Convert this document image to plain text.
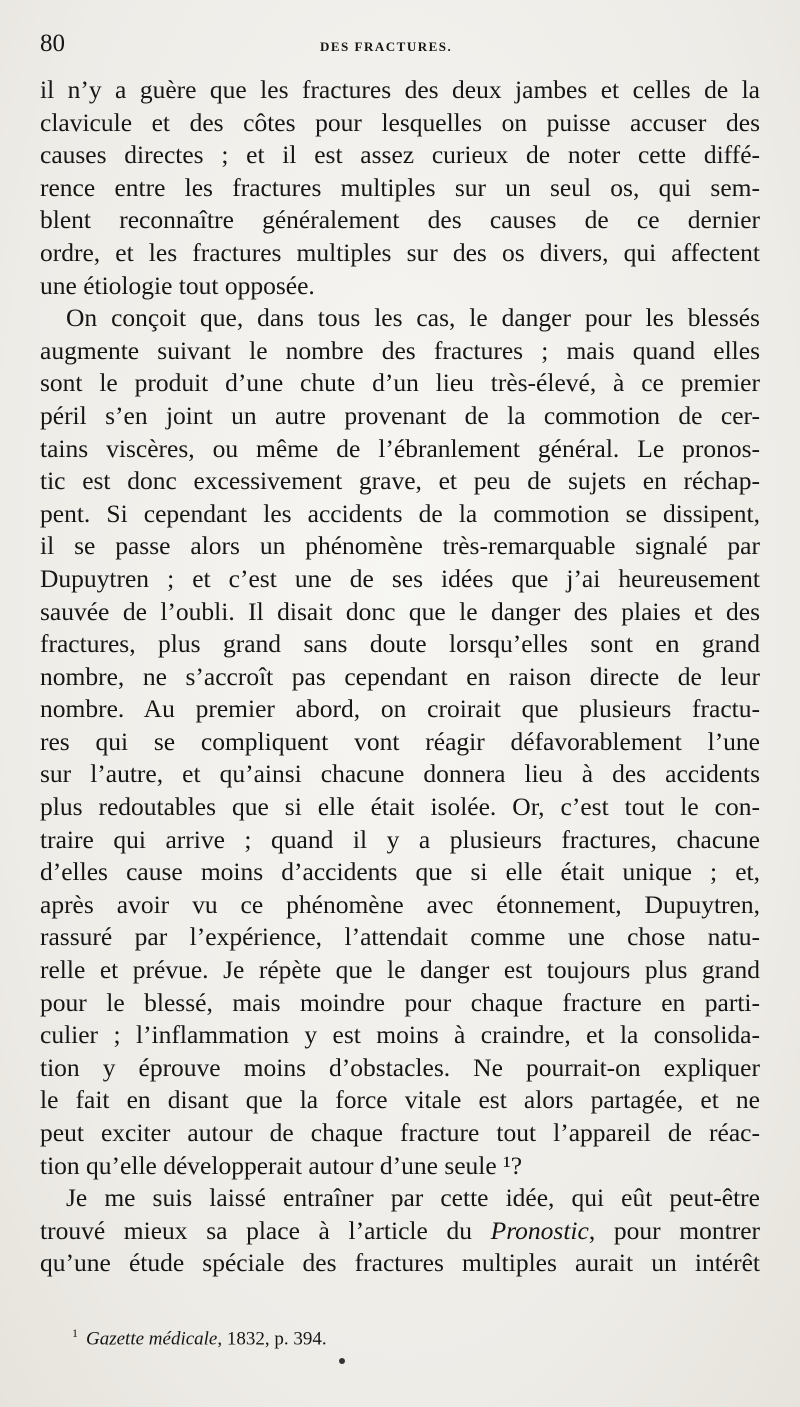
80	DES FRACTURES.
il n’y a guère que les fractures des deux jambes et celles de la
clavicule et des côtes pour lesquelles on puisse accuser des
causes directes ; et il est assez curieux de noter cette diffé-
rence entre les fractures multiples sur un seul os, qui sem-
blent reconnaître généralement des causes de ce dernier
ordre, et les fractures multiples sur des os divers, qui affectent
une étiologie tout opposée.
On conçoit que, dans tous les cas, le danger pour les blessés
augmente suivant le nombre des fractures ; mais quand elles
sont le produit d’une chute d’un lieu très-élevé, à ce premier
péril s’en joint un autre provenant de la commotion de cer-
tains viscères, ou même de l’ébranlement général. Le pronos-
tic est donc excessivement grave, et peu de sujets en réchap-
pent. Si cependant les accidents de la commotion se dissipent,
il se passe alors un phénomène très-remarquable signalé par
Dupuytren ; et c’est une de ses idées que j’ai heureusement
sauvée de l’oubli. Il disait donc que le danger des plaies et des
fractures, plus grand sans doute lorsqu’elles sont en grand
nombre, ne s’accroît pas cependant en raison directe de leur
nombre. Au premier abord, on croirait que plusieurs fractu-
res qui se compliquent vont réagir défavorablement l’une
sur l’autre, et qu’ainsi chacune donnera lieu à des accidents
plus redoutables que si elle était isolée. Or, c’est tout le con-
traire qui arrive ; quand il y a plusieurs fractures, chacune
d’elles cause moins d’accidents que si elle était unique ; et,
après avoir vu ce phénomène avec étonnement, Dupuytren,
rassuré par l’expérience, l’attendait comme une chose natu-
relle et prévue. Je répète que le danger est toujours plus grand
pour le blessé, mais moindre pour chaque fracture en parti-
culier ; l’inflammation y est moins à craindre, et la consolida-
tion y éprouve moins d’obstacles. Ne pourrait-on expliquer
le fait en disant que la force vitale est alors partagée, et ne
peut exciter autour de chaque fracture tout l’appareil de réac-
tion qu’elle développerait autour d’une seule ¹?
Je me suis laissé entraîner par cette idée, qui eût peut-être
trouvé mieux sa place à l’article du Pronostic, pour montrer
qu’une étude spéciale des fractures multiples aurait un intérêt
$^1$ Gazette médicale, 1832, p. 394.
